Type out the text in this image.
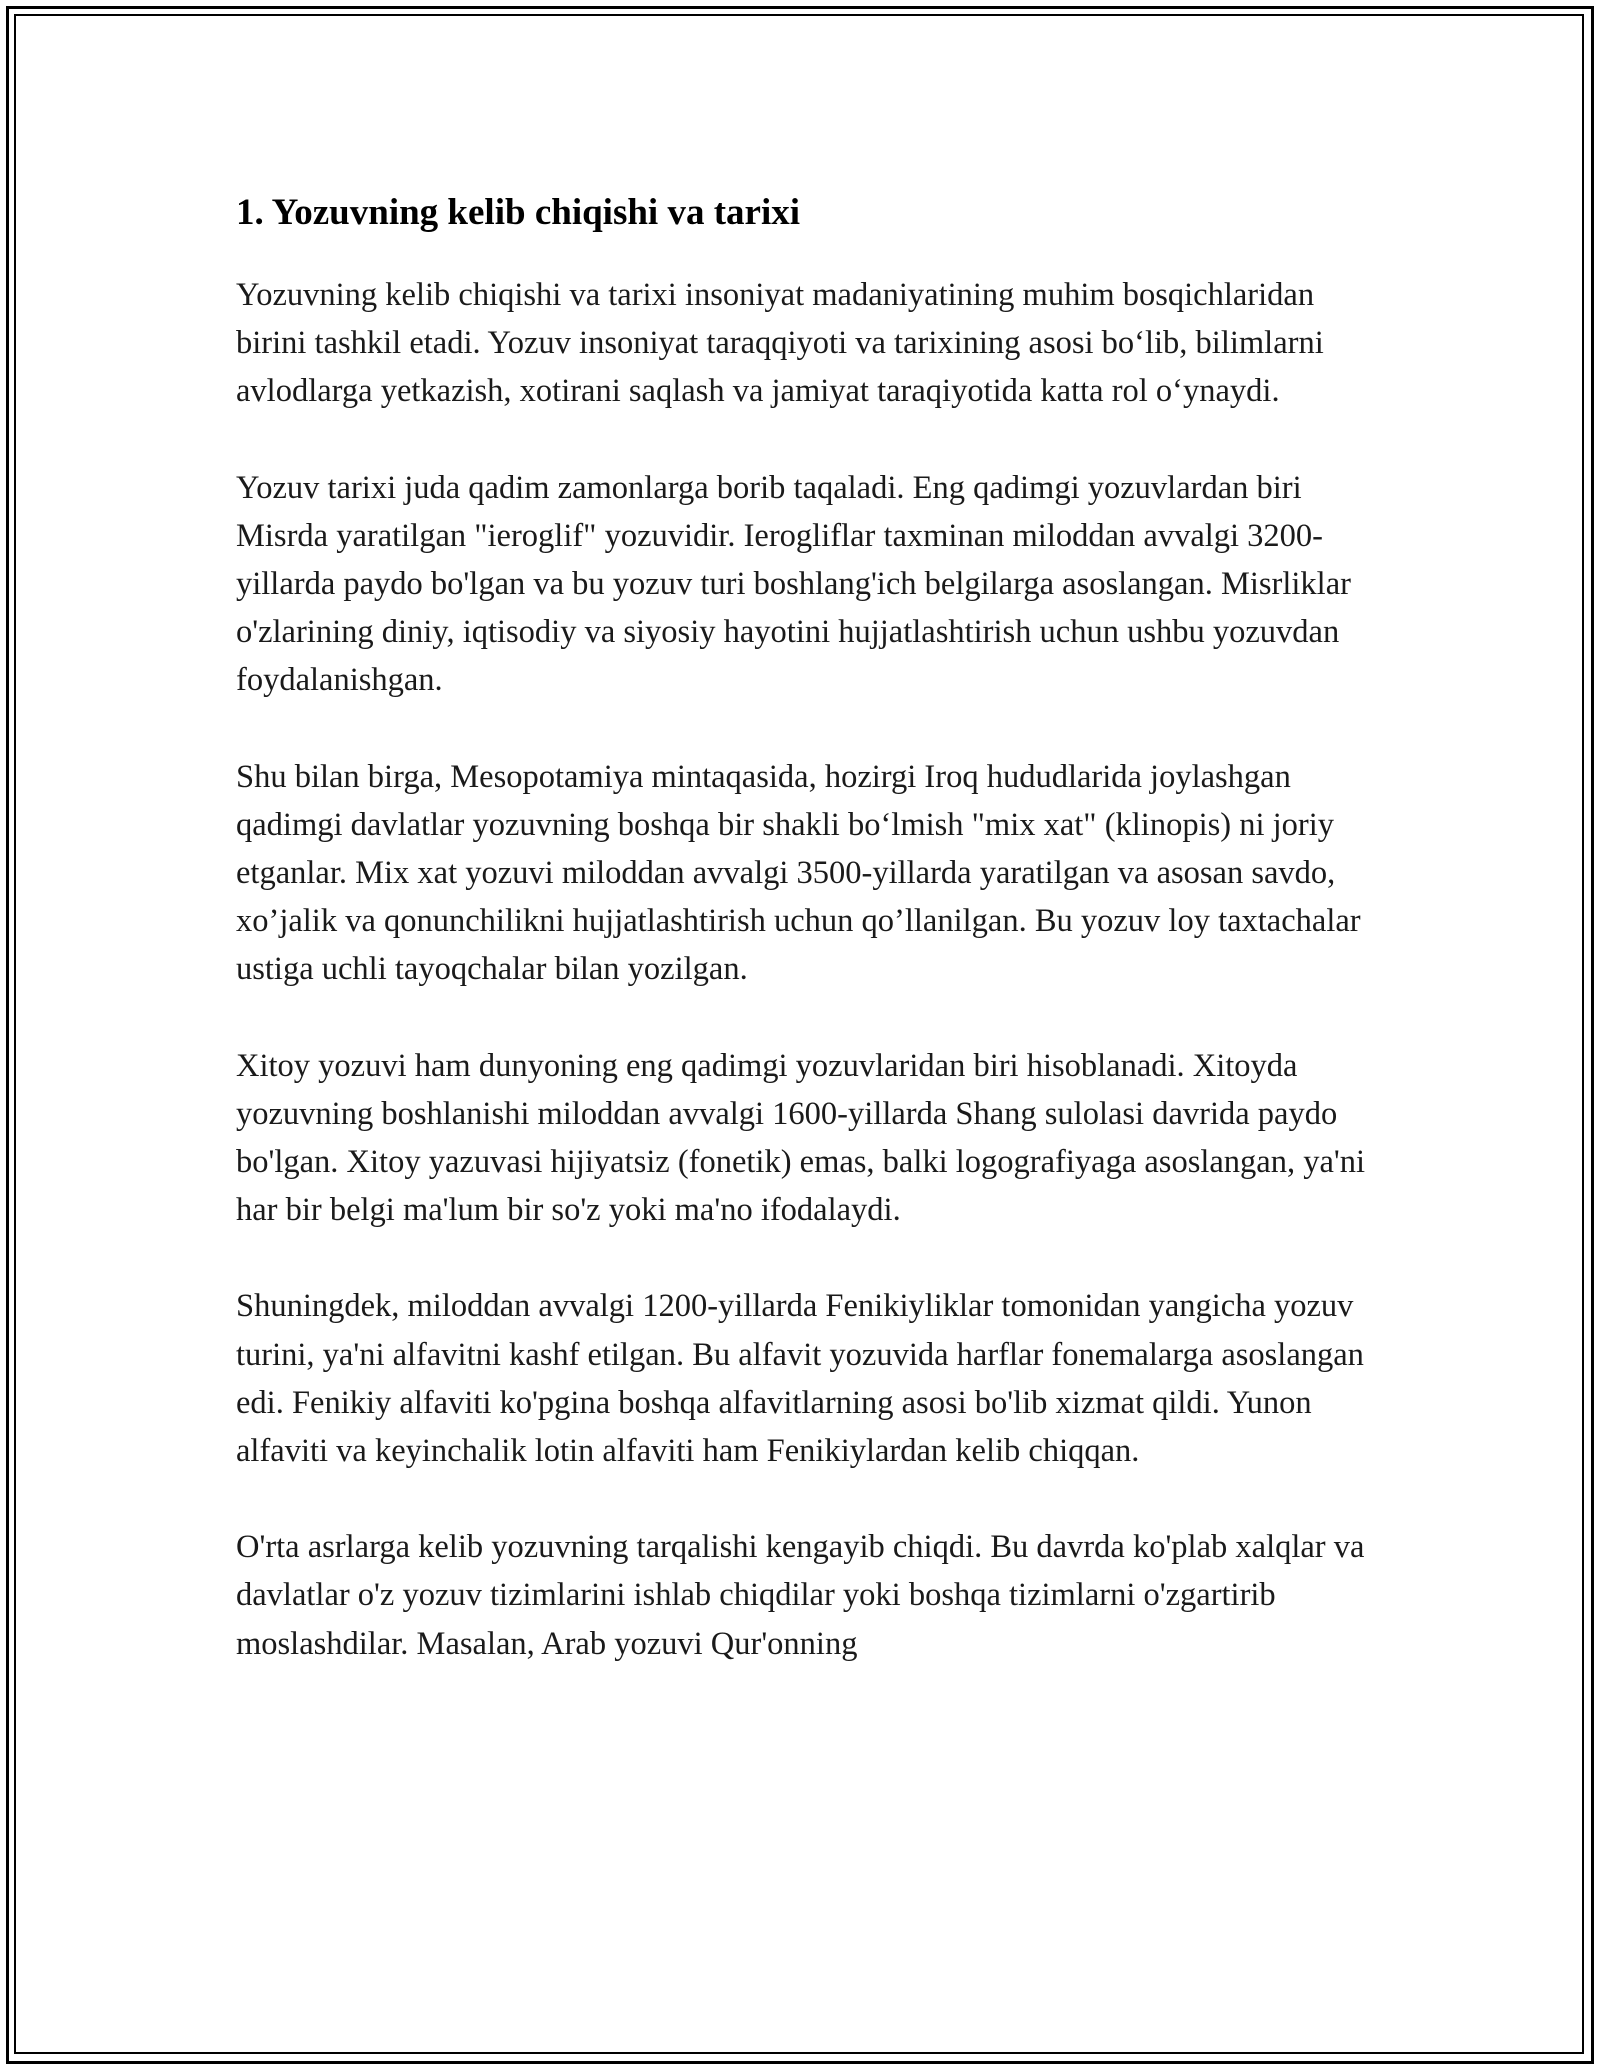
1. Yozuvning kelib chiqishi va tarixi

Yozuvning kelib chiqishi va tarixi insoniyat madaniyatining muhim bosqichlaridan birini tashkil etadi. Yozuv insoniyat taraqqiyoti va tarixining asosi bo‘lib, bilimlarni avlodlarga yetkazish, xotirani saqlash va jamiyat taraqiyotida katta rol o‘ynaydi.

Yozuv tarixi juda qadim zamonlarga borib taqaladi. Eng qadimgi yozuvlardan biri Misrda yaratilgan "ieroglif" yozuvidir. Ierogliflar taxminan miloddan avvalgi 3200-yillarda paydo bo'lgan va bu yozuv turi boshlang'ich belgilarga asoslangan. Misrliklar o'zlarining diniy, iqtisodiy va siyosiy hayotini hujjatlashtirish uchun ushbu yozuvdan foydalanishgan.

Shu bilan birga, Mesopotamiya mintaqasida, hozirgi Iroq hududlarida joylashgan qadimgi davlatlar yozuvning boshqa bir shakli bo‘lmish "mix xat" (klinopis) ni joriy etganlar. Mix xat yozuvi miloddan avvalgi 3500-yillarda yaratilgan va asosan savdo, xo’jalik va qonunchilikni hujjatlashtirish uchun qo’llanilgan. Bu yozuv loy taxtachalar ustiga uchli tayoqchalar bilan yozilgan.

Xitoy yozuvi ham dunyoning eng qadimgi yozuvlaridan biri hisoblanadi. Xitoyda yozuvning boshlanishi miloddan avvalgi 1600-yillarda Shang sulolasi davrida paydo bo'lgan. Xitoy yazuvasi hijiyatsiz (fonetik) emas, balki logografiyaga asoslangan, ya'ni har bir belgi ma'lum bir so'z yoki ma'no ifodalaydi.

Shuningdek, miloddan avvalgi 1200-yillarda Fenikiyliklar tomonidan yangicha yozuv turini, ya'ni alfavitni kashf etilgan. Bu alfavit yozuvida harflar fonemalarga asoslangan edi. Fenikiy alfaviti ko'pgina boshqa alfavitlarning asosi bo'lib xizmat qildi. Yunon alfaviti va keyinchalik lotin alfaviti ham Fenikiylardan kelib chiqqan.

O'rta asrlarga kelib yozuvning tarqalishi kengayib chiqdi. Bu davrda ko'plab xalqlar va davlatlar o'z yozuv tizimlarini ishlab chiqdilar yoki boshqa tizimlarni o'zgartirib moslashdilar. Masalan, Arab yozuvi Qur'onning
